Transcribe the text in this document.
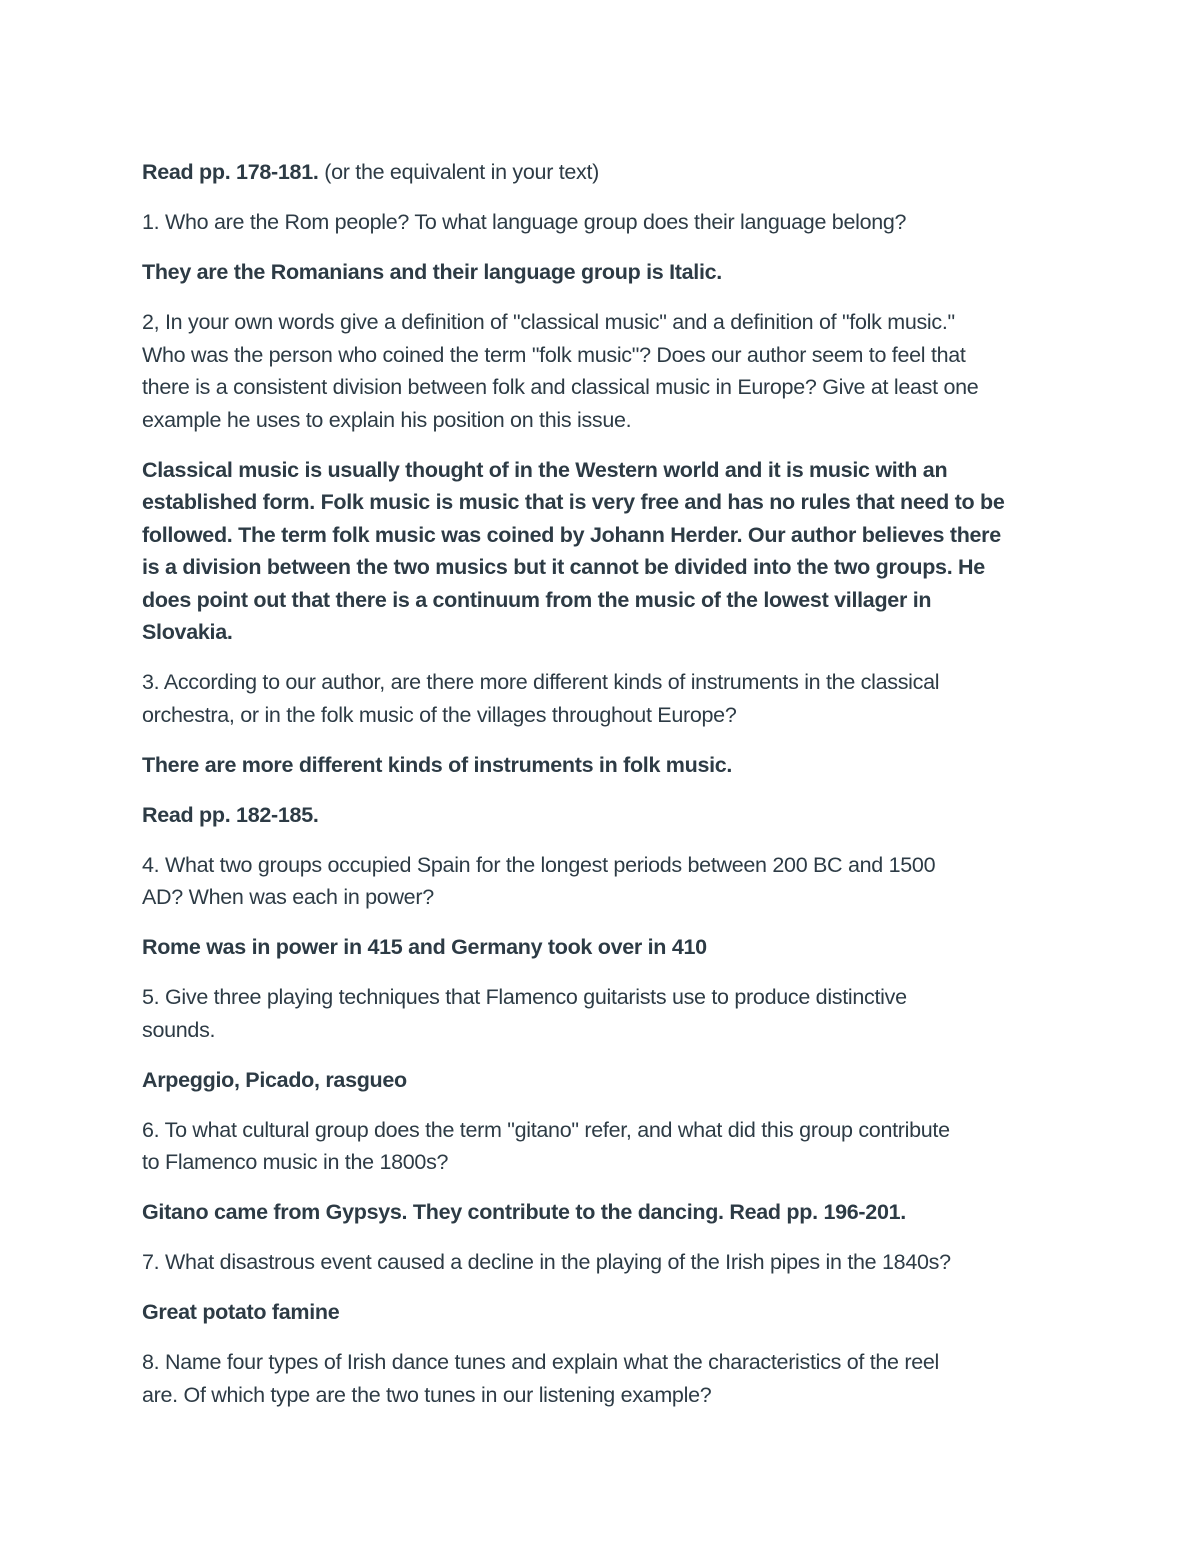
Read pp. 178-181. (or the equivalent in your text)

1. Who are the Rom people? To what language group does their language belong?

They are the Romanians and their language group is Italic.

2, In your own words give a definition of "classical music" and a definition of "folk music."
Who was the person who coined the term "folk music"? Does our author seem to feel that
there is a consistent division between folk and classical music in Europe? Give at least one
example he uses to explain his position on this issue.

Classical music is usually thought of in the Western world and it is music with an
established form. Folk music is music that is very free and has no rules that need to be
followed. The term folk music was coined by Johann Herder. Our author believes there
is a division between the two musics but it cannot be divided into the two groups. He
does point out that there is a continuum from the music of the lowest villager in
Slovakia.

3. According to our author, are there more different kinds of instruments in the classical
orchestra, or in the folk music of the villages throughout Europe?

There are more different kinds of instruments in folk music.

Read pp. 182-185.

4. What two groups occupied Spain for the longest periods between 200 BC and 1500
AD? When was each in power?

Rome was in power in 415 and Germany took over in 410

5. Give three playing techniques that Flamenco guitarists use to produce distinctive
sounds.

Arpeggio, Picado, rasgueo

6. To what cultural group does the term "gitano" refer, and what did this group contribute
to Flamenco music in the 1800s?

Gitano came from Gypsys. They contribute to the dancing. Read pp. 196-201.

7. What disastrous event caused a decline in the playing of the Irish pipes in the 1840s?

Great potato famine

8. Name four types of Irish dance tunes and explain what the characteristics of the reel
are. Of which type are the two tunes in our listening example?
